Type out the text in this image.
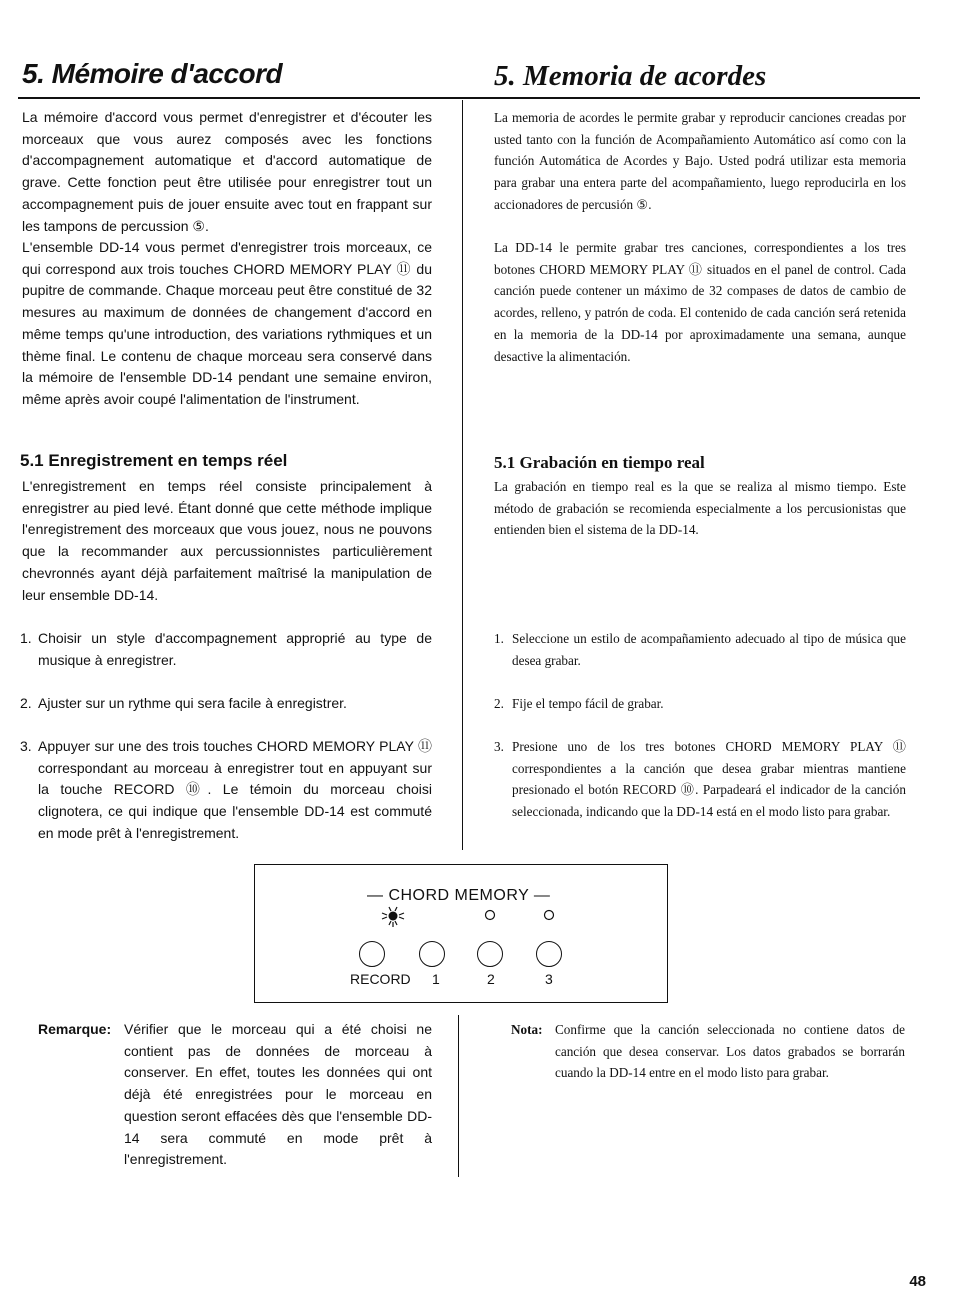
5. Mémoire d'accord	5. Memoria de acordes

La mémoire d'accord vous permet d'enregistrer et d'écouter les morceaux que vous aurez composés avec les fonctions d'accompagnement automatique et d'accord automatique de grave. Cette fonction peut être utilisée pour enregistrer tout un accompagnement puis de jouer ensuite avec tout en frappant sur les tampons de percussion ⑤.

L'ensemble DD-14 vous permet d'enregistrer trois morceaux, ce qui correspond aux trois touches CHORD MEMORY PLAY ⑪ du pupitre de commande. Chaque morceau peut être constitué de 32 mesures au maximum de données de changement d'accord en même temps qu'une introduction, des variations rythmiques et un thème final. Le contenu de chaque morceau sera conservé dans la mémoire de l'ensemble DD-14 pendant une semaine environ, même après avoir coupé l'alimentation de l'instrument.

La memoria de acordes le permite grabar y reproducir canciones creadas por usted tanto con la función de Acompañamiento Automático así como con la función Automática de Acordes y Bajo. Usted podrá utilizar esta memoria para grabar una entera parte del acompañamiento, luego reproducirla en los accionadores de percusión ⑤.

La DD-14 le permite grabar tres canciones, correspondientes a los tres botones CHORD MEMORY PLAY ⑪ situados en el panel de control. Cada canción puede contener un máximo de 32 compases de datos de cambio de acordes, relleno, y patrón de coda. El contenido de cada canción será retenida en la memoria de la DD-14 por aproximadamente una semana, aunque desactive la alimentación.

5.1 Enregistrement en temps réel	5.1 Grabación en tiempo real

L'enregistrement en temps réel consiste principalement à enregistrer au pied levé. Étant donné que cette méthode implique l'enregistrement des morceaux que vous jouez, nous ne pouvons que la recommander aux percussionnistes particulièrement chevronnés ayant déjà parfaitement maîtrisé la manipulation de leur ensemble DD-14.

La grabación en tiempo real es la que se realiza al mismo tiempo. Este método de grabación se recomienda especialmente a los percusionistas que entienden bien el sistema de la DD-14.

1. Choisir un style d'accompagnement approprié au type de musique à enregistrer.
2. Ajuster sur un rythme qui sera facile à enregistrer.
3. Appuyer sur une des trois touches CHORD MEMORY PLAY ⑪ correspondant au morceau à enregistrer tout en appuyant sur la touche RECORD ⑩. Le témoin du morceau choisi clignotera, ce qui indique que l'ensemble DD-14 est commuté en mode prêt à l'enregistrement.
1. Seleccione un estilo de acompañamiento adecuado al tipo de música que desea grabar.
2. Fije el tempo fácil de grabar.
3. Presione uno de los tres botones CHORD MEMORY PLAY ⑪ correspondientes a la canción que desea grabar mientras mantiene presionado el botón RECORD ⑩. Parpadeará el indicador de la canción seleccionada, indicando que la DD-14 está en el modo listo para grabar.
— CHORD MEMORY —
RECORD 1	2	3
Remarque: Vérifier que le morceau qui a été choisi ne contient pas de données de morceau à conserver. En effet, toutes les données qui ont déjà été enregistrées pour le morceau en question seront effacées dès que l'ensemble DD-14 sera commuté en mode prêt à l'enregistrement.
Nota: Confirme que la canción seleccionada no contiene datos de canción que desea conservar. Los datos grabados se borrarán cuando la DD-14 entre en el modo listo para grabar.
48
